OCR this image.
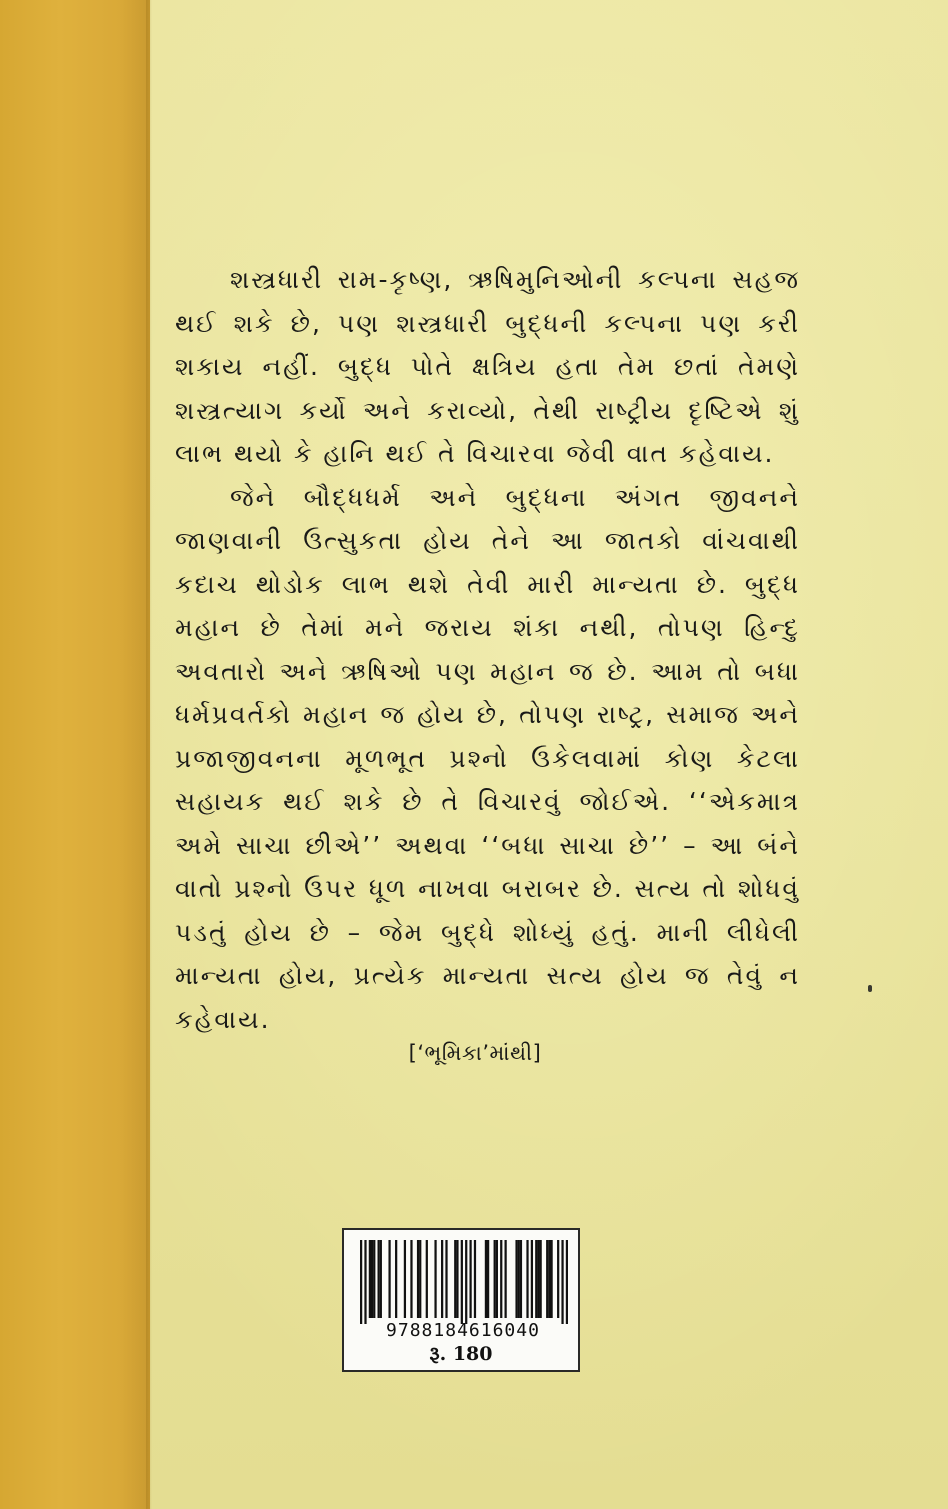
શસ્ત્રધારી રામ-કૃષ્ણ, ઋષિમુનિઓની કલ્પના સહજ થઈ શકે છે, પણ શસ્ત્રધારી બુદ્ધની કલ્પના પણ કરી શકાય નહીં. બુદ્ધ પોતે ક્ષત્રિય હતા તેમ છતાં તેમણે શસ્ત્રત્યાગ કર્યો અને કરાવ્યો, તેથી રાષ્ટ્રીય દૃષ્ટિએ શું લાભ થયો કે હાનિ થઈ તે વિચારવા જેવી વાત કહેવાય.

જેને બૌદ્ધધર્મ અને બુદ્ધના અંગત જીવનને જાણવાની ઉત્સુકતા હોય તેને આ જાતકો વાંચવાથી કદાચ થોડોક લાભ થશે તેવી મારી માન્યતા છે. બુદ્ધ મહાન છે તેમાં મને જરાય શંકા નથી, તોપણ હિન્દુ અવતારો અને ઋષિઓ પણ મહાન જ છે. આમ તો બધા ધર્મપ્રવર્તકો મહાન જ હોય છે, તોપણ રાષ્ટ્ર, સમાજ અને પ્રજાજીવનના મૂળભૂત પ્રશ્નો ઉકેલવામાં કોણ કેટલા સહાયક થઈ શકે છે તે વિચારવું જોઈએ. ‘‘એકમાત્ર અમે સાચા છીએ’’ અથવા ‘‘બધા સાચા છે’’ – આ બંને વાતો પ્રશ્નો ઉપર ધૂળ નાખવા બરાબર છે. સત્ય તો શોધવું પડતું હોય છે – જેમ બુદ્ધે શોધ્યું હતું. માની લીધેલી માન્યતા હોય, પ્રત્યેક માન્યતા સત્ય હોય જ તેવું ન કહેવાય.

[‘ભૂમિકા’માંથી]
9788184616040
રૂ. 180
